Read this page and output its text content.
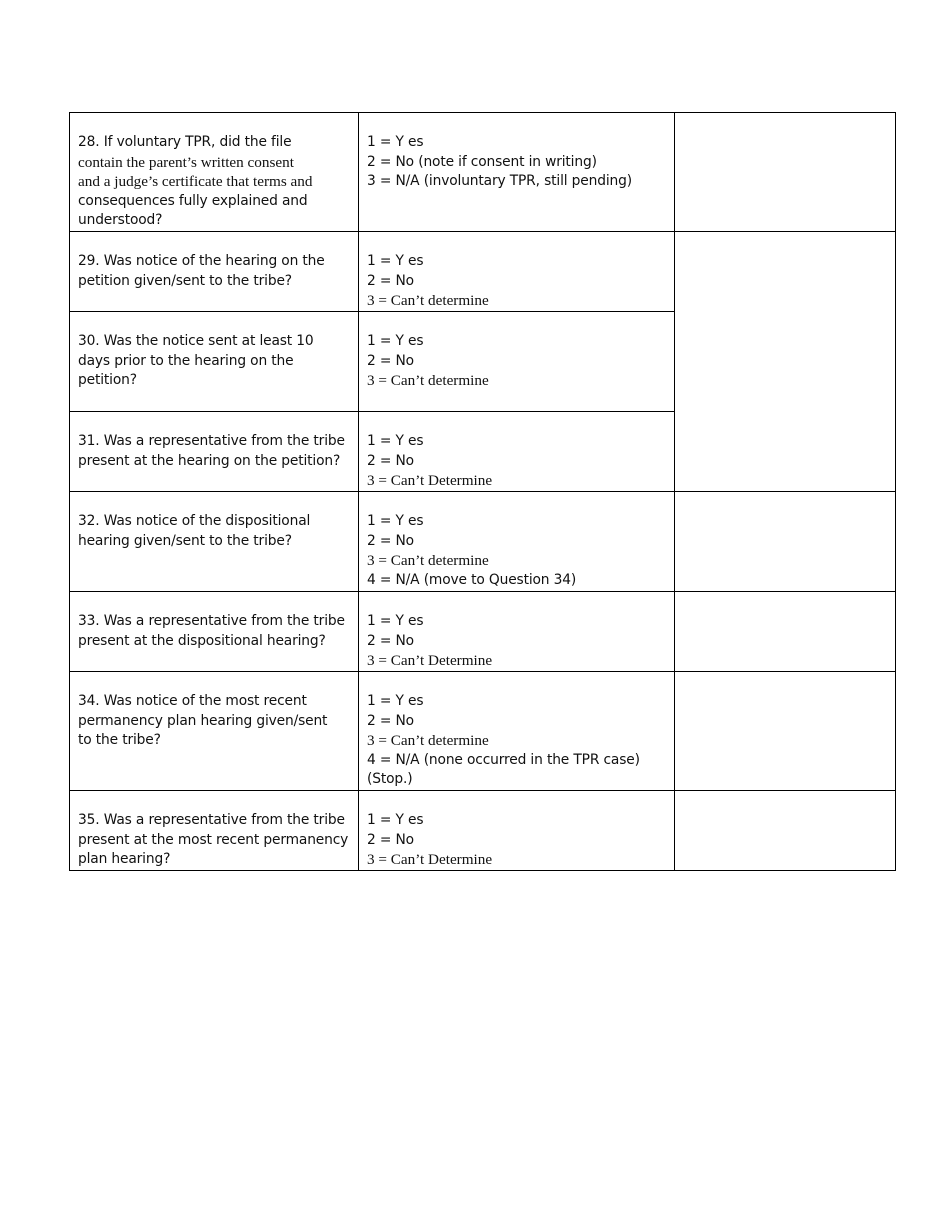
28. If voluntary TPR, did the file
contain the parent’s written consent
and a judge’s certificate that terms and
consequences fully explained and
understood?	1 = Y es
2 = No (note if consent in writing)
3 = N/A (involuntary TPR, still pending)	

29. Was notice of the hearing on the
petition given/sent to the tribe?	1 = Y es
2 = No
3 = Can’t determine	

30. Was the notice sent at least 10
days prior to the hearing on the
petition?	1 = Y es
2 = No
3 = Can’t determine	

31. Was a representative from the tribe
present at the hearing on the petition?	1 = Y es
2 = No
3 = Can’t Determine	

32. Was notice of the dispositional
hearing given/sent to the tribe?	1 = Y es
2 = No
3 = Can’t determine
4 = N/A (move to Question 34)	

33. Was a representative from the tribe
present at the dispositional hearing?	1 = Y es
2 = No
3 = Can’t Determine	

34. Was notice of the most recent
permanency plan hearing given/sent
to the tribe?	1 = Y es
2 = No
3 = Can’t determine
4 = N/A (none occurred in the TPR case)
(Stop.)	

35. Was a representative from the tribe
present at the most recent permanency
plan hearing?	1 = Y es
2 = No
3 = Can’t Determine	
